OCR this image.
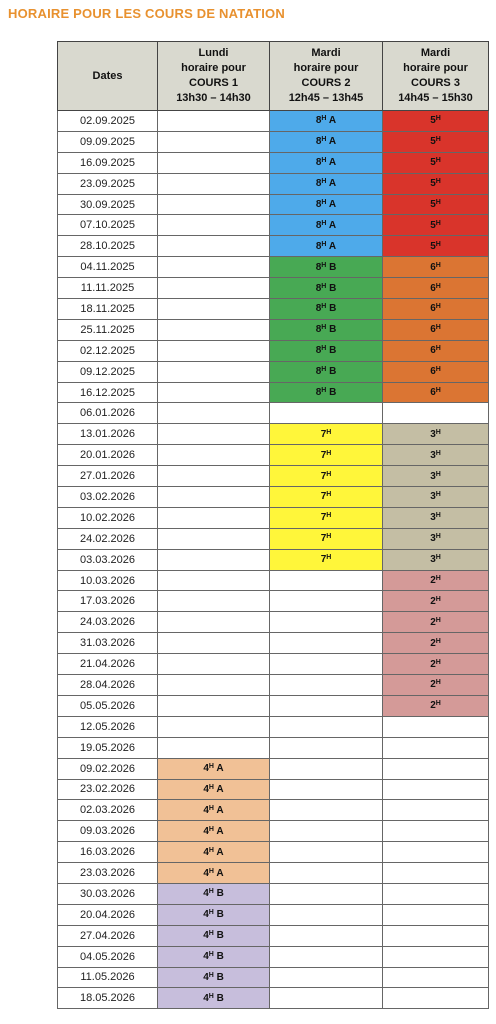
HORAIRE POUR LES COURS DE NATATION
Dates	Lundi
horaire pour
COURS 1
13h30 – 14h30	Mardi
horaire pour
COURS 2
12h45 – 13h45	Mardi
horaire pour
COURS 3
14h45 – 15h30
02.09.2025		$8^H$ A	$5^H$
09.09.2025		$8^H$ A	$5^H$
16.09.2025		$8^H$ A	$5^H$
23.09.2025		$8^H$ A	$5^H$
30.09.2025		$8^H$ A	$5^H$
07.10.2025		$8^H$ A	$5^H$
28.10.2025		$8^H$ A	$5^H$
04.11.2025		$8^H$ B	$6^H$
11.11.2025		$8^H$ B	$6^H$
18.11.2025		$8^H$ B	$6^H$
25.11.2025		$8^H$ B	$6^H$
02.12.2025		$8^H$ B	$6^H$
09.12.2025		$8^H$ B	$6^H$
16.12.2025		$8^H$ B	$6^H$
06.01.2026			
13.01.2026		$7^H$	$3^H$
20.01.2026		$7^H$	$3^H$
27.01.2026		$7^H$	$3^H$
03.02.2026		$7^H$	$3^H$
10.02.2026		$7^H$	$3^H$
24.02.2026		$7^H$	$3^H$
03.03.2026		$7^H$	$3^H$
10.03.2026			$2^H$
17.03.2026			$2^H$
24.03.2026			$2^H$
31.03.2026			$2^H$
21.04.2026			$2^H$
28.04.2026			$2^H$
05.05.2026			$2^H$
12.05.2026			
19.05.2026			
09.02.2026	$4^H$ A		
23.02.2026	$4^H$ A		
02.03.2026	$4^H$ A		
09.03.2026	$4^H$ A		
16.03.2026	$4^H$ A		
23.03.2026	$4^H$ A		
30.03.2026	$4^H$ B		
20.04.2026	$4^H$ B		
27.04.2026	$4^H$ B		
04.05.2026	$4^H$ B		
11.05.2026	$4^H$ B		
18.05.2026	$4^H$ B		
